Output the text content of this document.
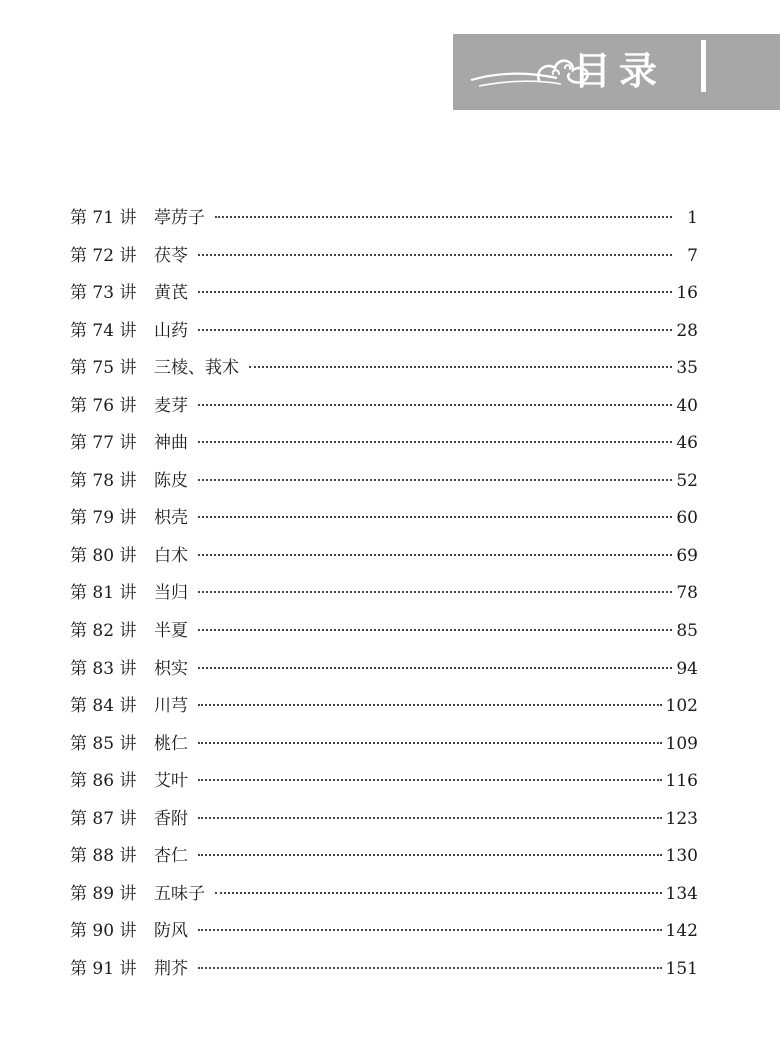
目录
第 71 讲	葶苈子	1
第 72 讲	茯苓	7
第 73 讲	黄芪	16
第 74 讲	山药	28
第 75 讲	三棱、莪术	35
第 76 讲	麦芽	40
第 77 讲	神曲	46
第 78 讲	陈皮	52
第 79 讲	枳壳	60
第 80 讲	白术	69
第 81 讲	当归	78
第 82 讲	半夏	85
第 83 讲	枳实	94
第 84 讲	川芎	102
第 85 讲	桃仁	109
第 86 讲	艾叶	116
第 87 讲	香附	123
第 88 讲	杏仁	130
第 89 讲	五味子	134
第 90 讲	防风	142
第 91 讲	荆芥	151
